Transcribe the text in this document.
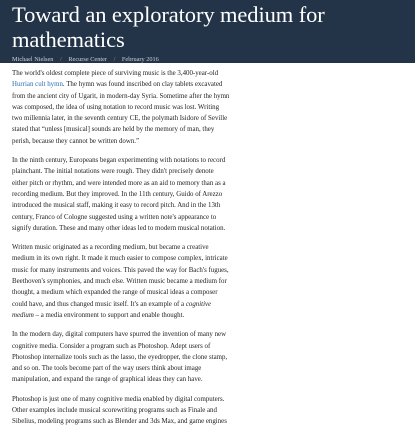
Toward an exploratory medium for mathematics
Michael Nielsen / Recurse Center / February 2016

The world's oldest complete piece of surviving music is the 3,400-year-old Hurrian cult hymn. The hymn was found inscribed on clay tablets excavated from the ancient city of Ugarit, in modern-day Syria. Sometime after the hymn was composed, the idea of using notation to record music was lost. Writing two millennia later, in the seventh century CE, the polymath Isidore of Seville stated that “unless [musical] sounds are held by the memory of man, they perish, because they cannot be written down.”

In the ninth century, Europeans began experimenting with notations to record plainchant. The initial notations were rough. They didn't precisely denote either pitch or rhythm, and were intended more as an aid to memory than as a recording medium. But they improved. In the 11th century, Guido of Arezzo introduced the musical staff, making it easy to record pitch. And in the 13th century, Franco of Cologne suggested using a written note's appearance to signify duration. These and many other ideas led to modern musical notation.

Written music originated as a recording medium, but became a creative medium in its own right. It made it much easier to compose complex, intricate music for many instruments and voices. This paved the way for Bach's fugues, Beethoven's symphonies, and much else. Written music became a medium for thought, a medium which expanded the range of musical ideas a composer could have, and thus changed music itself. It's an example of a cognitive medium – a media environment to support and enable thought.

In the modern day, digital computers have spurred the invention of many new cognitive media. Consider a program such as Photoshop. Adept users of Photoshop internalize tools such as the lasso, the eyedropper, the clone stamp, and so on. The tools become part of the way users think about image manipulation, and expand the range of graphical ideas they can have.

Photoshop is just one of many cognitive media enabled by digital computers. Other examples include musical scorewriting programs such as Finale and Sibelius, modeling programs such as Blender and 3ds Max, and game engines
